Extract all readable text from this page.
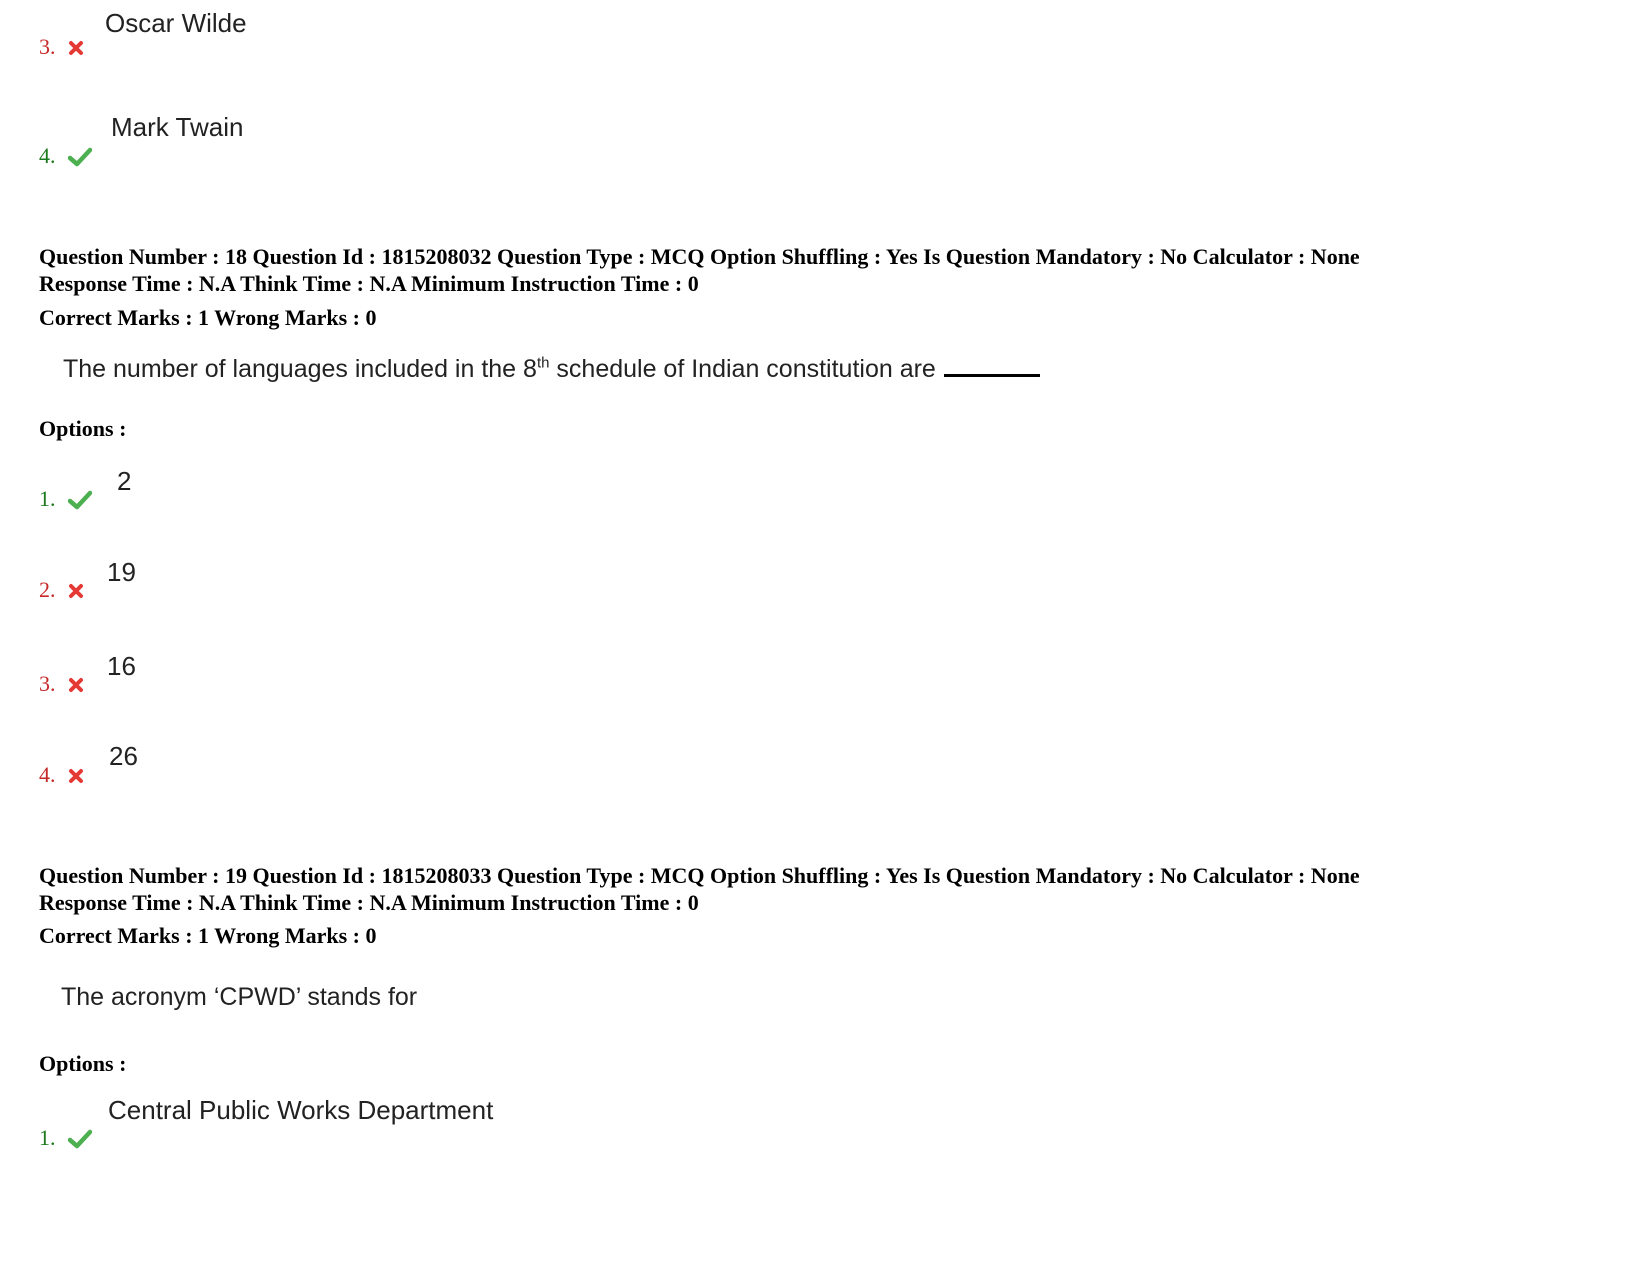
Oscar Wilde
3.
Mark Twain
4.
Question Number : 18 Question Id : 1815208032 Question Type : MCQ Option Shuffling : Yes Is Question Mandatory : No Calculator : None
Response Time : N.A Think Time : N.A Minimum Instruction Time : 0
Correct Marks : 1 Wrong Marks : 0
The number of languages included in the 8th schedule of Indian constitution are
Options :
2
1.
19
2.
16
3.
26
4.
Question Number : 19 Question Id : 1815208033 Question Type : MCQ Option Shuffling : Yes Is Question Mandatory : No Calculator : None
Response Time : N.A Think Time : N.A Minimum Instruction Time : 0
Correct Marks : 1 Wrong Marks : 0
The acronym ‘CPWD’ stands for
Options :
Central Public Works Department
1.
